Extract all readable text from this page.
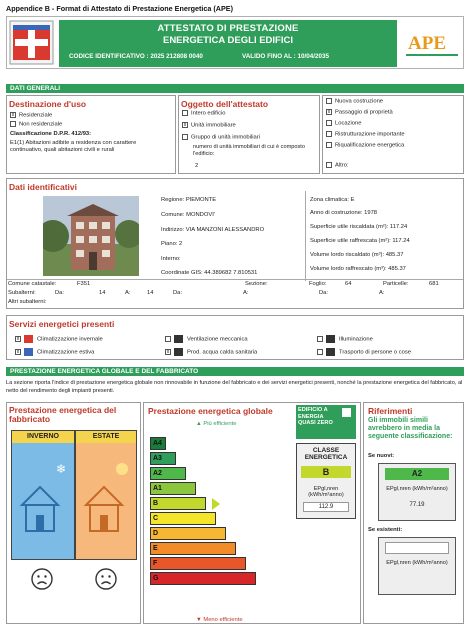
Appendice B - Format di Attestato di Prestazione Energetica (APE)
ATTESTATO DI PRESTAZIONE
ENERGETICA DEGLI EDIFICI
CODICE IDENTIFICATIVO : 2025 212808 0040	VALIDO FINO AL : 10/04/2035
APE
DATI GENERALI
Destinazione d'uso
x Residenziale
Non residenziale
Classificazione D.P.R. 412/93:
E1(1) Abitazioni adibite a residenza con carattere continuativo, quali abitazioni civili e rurali
Oggetto dell'attestato
Intero edificio
x Unità immobiliare
Gruppo di unità immobiliari
numero di unità immobiliari di cui è composto l'edificio:
2
Nuova costruzione
x Passaggio di proprietà
Locazione
Ristrutturazione importante
Riqualificazione energetica
Altro:
Dati identificativi
Regione: PIEMONTE
Comune: MONDOVI'
Indirizzo: VIA MANZONI ALESSANDRO
Piano: 2
Interno:
Coordinate GIS: 44.389682 7.810531
Zona climatica: E
Anno di costruzione: 1978
Superficie utile riscaldata (m²): 117.24
Superficie utile raffrescata (m²): 117.24
Volume lordo riscaldato (m³): 485.37
Volume lordo raffrescato (m³): 485.37
Comune catastale:	F351	Sezione:	Foglio:	64	Particelle:	681
Subalterni:	Da:	14	A:	14	Da:	A:	Da:	A:
Altri subalterni:
Servizi energetici presenti
x	Climatizzazione invernale
x	Climatizzazione estiva
Ventilazione meccanica
x	Prod. acqua calda sanitaria
Illuminazione
Trasporto di persone o cose
PRESTAZIONE ENERGETICA GLOBALE E DEL FABBRICATO
La sezione riporta l'indice di prestazione energetica globale non rinnovabile in funzione del fabbricato e dei servizi energetici presenti, nonché la prestazione energetica del fabbricato, al netto del rendimento degli impianti presenti.
Prestazione energetica del fabbricato
INVERNO
❄
ESTATE
Prestazione energetica globale
▲ Più efficiente
A4
A3
A2
A1
B
C
D
E
F
G
▼ Meno efficiente
EDIFICIO A ENERGIA QUASI ZERO
CLASSE ENERGETICA
B
EPgl,nren (kWh/m²anno)
112.9
Riferimenti
Gli immobili simili avrebbero in media la seguente classificazione:
Se nuovi:
A2
EPgl,nren (kWh/m²anno)
77.19
Se esistenti:
EPgl,nren (kWh/m²anno)
